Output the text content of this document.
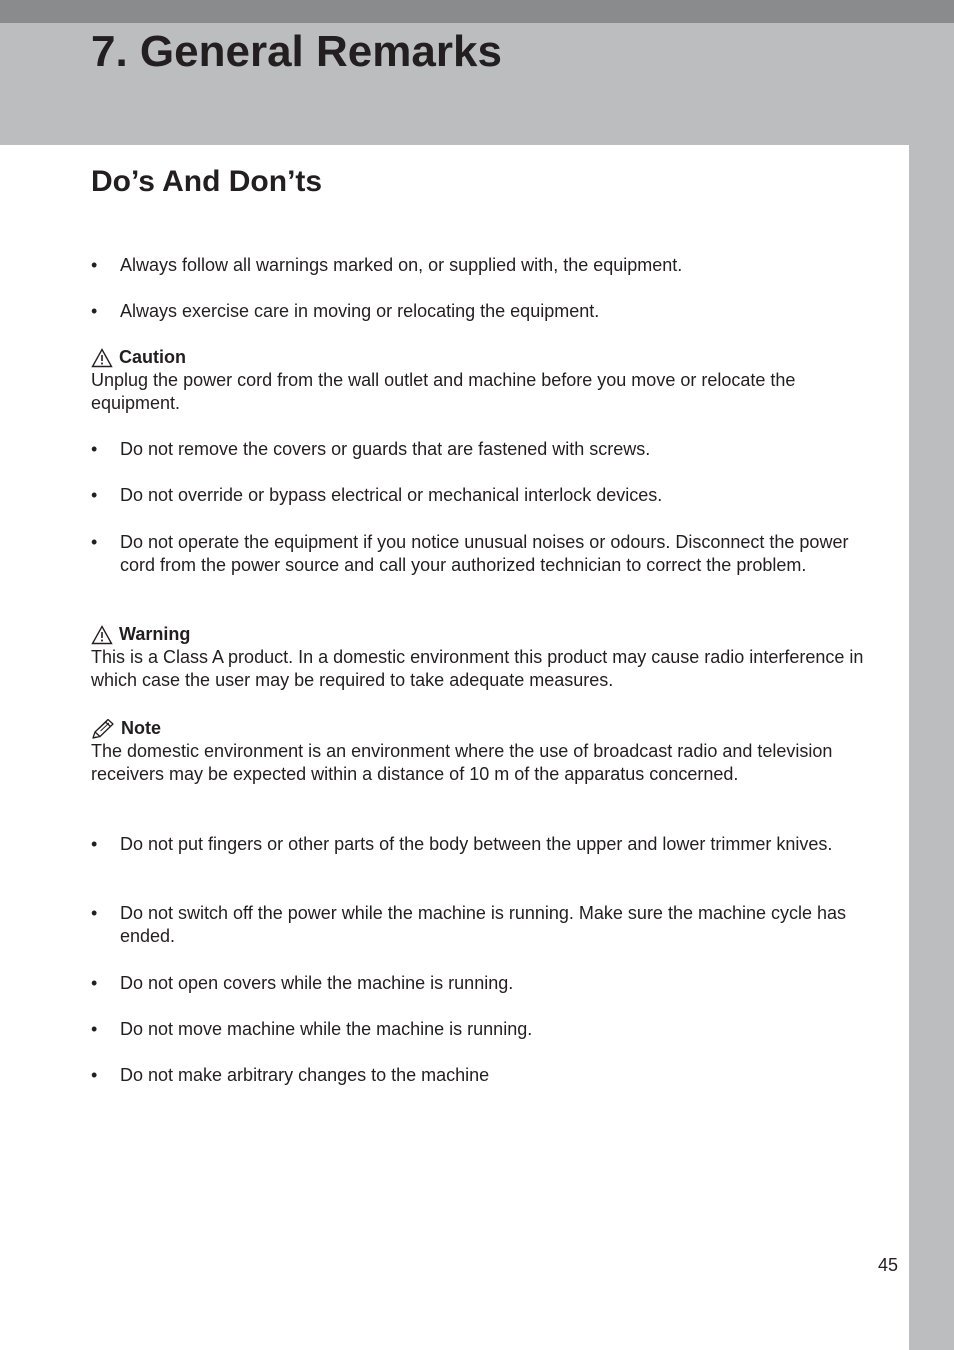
7. General Remarks
Do’s And Don’ts
• Always follow all warnings marked on, or supplied with, the equipment.
• Always exercise care in moving or relocating the equipment.
Caution
Unplug the power cord from the wall outlet and machine before you move or relocate the equipment.
• Do not remove the covers or guards that are fastened with screws.
• Do not override or bypass electrical or mechanical interlock devices.
• Do not operate the equipment if you notice unusual noises or odours. Disconnect the power cord from the power source and call your authorized technician to correct the problem.
Warning
This is a Class A product. In a domestic environment this product may cause radio interference in which case the user may be required to take adequate measures.
Note
The domestic environment is an environment where the use of broadcast radio and television receivers may be expected within a distance of 10 m of the apparatus concerned.
• Do not put fingers or other parts of the body between the upper and lower trimmer knives.
• Do not switch off the power while the machine is running. Make sure the machine cycle has ended.
• Do not open covers while the machine is running.
• Do not move machine while the machine is running.
• Do not make arbitrary changes to the machine
45
